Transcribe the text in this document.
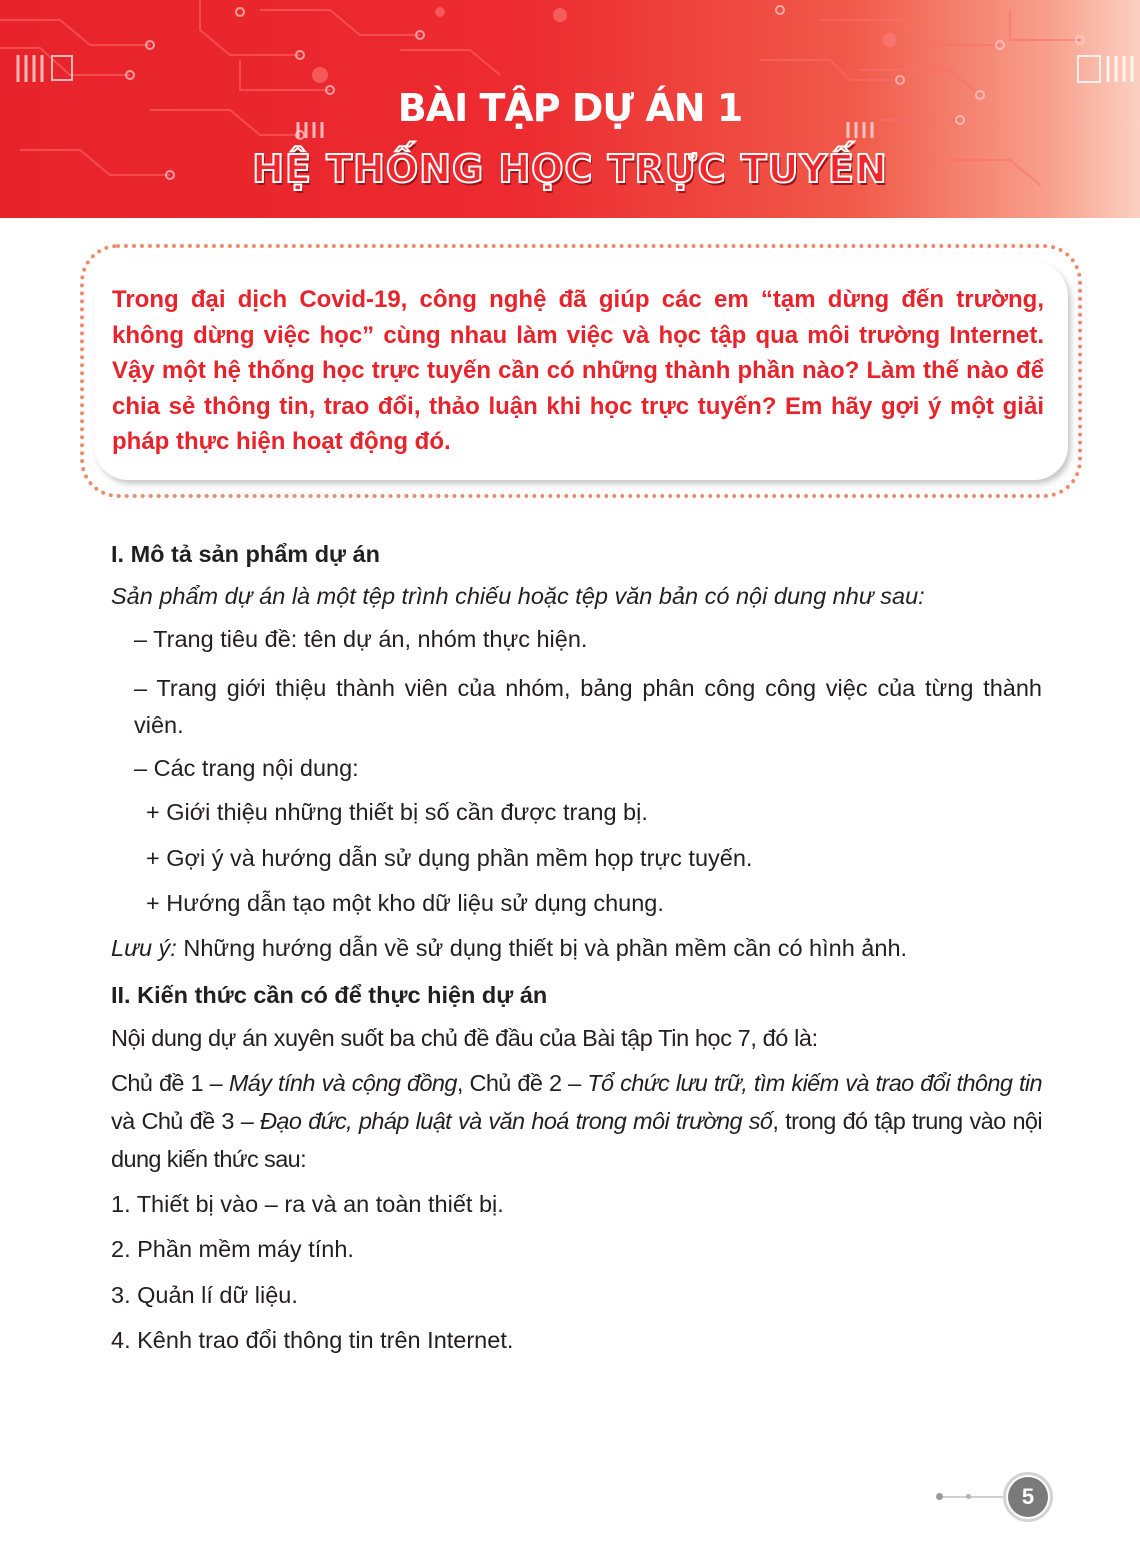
BÀI TẬP DỰ ÁN 1
HỆ THỐNG HỌC TRỰC TUYẾN
Trong đại dịch Covid-19, công nghệ đã giúp các em “tạm dừng đến trường, không dừng việc học” cùng nhau làm việc và học tập qua môi trường Internet. Vậy một hệ thống học trực tuyến cần có những thành phần nào? Làm thế nào để chia sẻ thông tin, trao đổi, thảo luận khi học trực tuyến? Em hãy gợi ý một giải pháp thực hiện hoạt động đó.
I. Mô tả sản phẩm dự án
Sản phẩm dự án là một tệp trình chiếu hoặc tệp văn bản có nội dung như sau:
– Trang tiêu đề: tên dự án, nhóm thực hiện.
– Trang giới thiệu thành viên của nhóm, bảng phân công công việc của từng thành viên.
– Các trang nội dung:
+ Giới thiệu những thiết bị số cần được trang bị.
+ Gợi ý và hướng dẫn sử dụng phần mềm họp trực tuyến.
+ Hướng dẫn tạo một kho dữ liệu sử dụng chung.
Lưu ý: Những hướng dẫn về sử dụng thiết bị và phần mềm cần có hình ảnh.
II. Kiến thức cần có để thực hiện dự án
Nội dung dự án xuyên suốt ba chủ đề đầu của Bài tập Tin học 7, đó là:
Chủ đề 1 – Máy tính và cộng đồng, Chủ đề 2 – Tổ chức lưu trữ, tìm kiếm và trao đổi thông tin và Chủ đề 3 – Đạo đức, pháp luật và văn hoá trong môi trường số, trong đó tập trung vào nội dung kiến thức sau:
1. Thiết bị vào – ra và an toàn thiết bị.
2. Phần mềm máy tính.
3. Quản lí dữ liệu.
4. Kênh trao đổi thông tin trên Internet.
5
